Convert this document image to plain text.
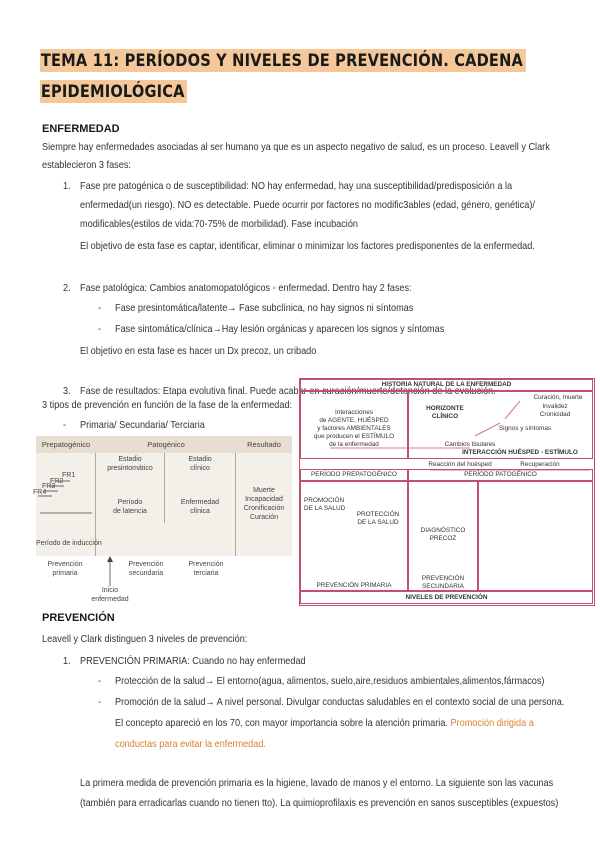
TEMA 11: PERÍODOS Y NIVELES DE PREVENCIÓN. CADENA
EPIDEMIOLÓGICA
ENFERMEDAD
Siempre hay enfermedades asociadas al ser humano ya que es un aspecto negativo de salud, es un proceso. Leavell y Clark
establecieron 3 fases:
1. Fase pre patogénica o de susceptibilidad: NO hay enfermedad, hay una susceptibilidad/predisposición a la
enfermedad(un riesgo). NO es detectable. Puede ocurrir por factores no modific3ables (edad, género, genética)/
modificables(estilos de vida:70-75% de morbilidad). Fase incubación
El objetivo de esta fase es captar, identificar, eliminar o minimizar los factores predisponentes de la enfermedad.
2. Fase patológica: Cambios anatomopatológicos ◦ enfermedad. Dentro hay 2 fases:
- Fase presintomática/latente→ Fase subclínica, no hay signos ni síntomas
- Fase sintomática/clínica→Hay lesión orgánicas y aparecen los signos y síntomas
El objetivo en esta fase es hacer un Dx precoz, un cribado
3. Fase de resultados: Etapa evolutiva final. Puede acabar en curación/muerte/detención de la evolución.
3 tipos de prevención en función de la fase de la enfermedad:
- Primaria/ Secundaria/ Terciaria
Prepatogénico	Patogénico	Resultado
Estadio
presintomático
Estadio
clínico
Período
de latencia
Enfermedad
clínica
Muerte
Incapacidad
Cronificación
Curación
FR1
FR2
FR3
FR4
Período de inducción
Prevención
primaria
Inicio
enfermedad
Prevención
secundaria
Prevención
terciaria
HISTORIA NATURAL DE LA ENFERMEDAD
Interacciones
de AGENTE, HUÉSPED
y factores AMBIENTALES
que producen el ESTÍMULO
de la enfermedad
HORIZONTE
CLÍNICO
Curación, muerte
Invalidez
Cronicidad
Signos y síntomas
Cambios tisulares
INTERACCIÓN HUÉSPED - ESTÍMULO
Reacción del huésped	Recuperación
PERÍODO PREPATOGÉNICO	PERÍODO PATOGÉNICO
PROMOCIÓN
DE LA SALUD
PROTECCIÓN
DE LA SALUD
DIAGNÓSTICO
PRECOZ
PREVENCIÓN PRIMARIA
PREVENCIÓN
SECUNDARIA
NIVELES DE PREVENCIÓN
PREVENCIÓN
Leavell y Clark distinguen 3 niveles de prevención:
1. PREVENCIÓN PRIMARIA: Cuando no hay enfermedad
- Protección de la salud→ El entorno(agua, alimentos, suelo,aire,residuos ambientales,alimentos,fármacos)
- Promoción de la salud→ A nivel personal. Divulgar conductas saludables en el contexto social de una persona.
El concepto apareció en los 70, con mayor importancia sobre la atención primaria. Promoción dirigida a
conductas para evitar la enfermedad.
La primera medida de prevención primaria es la higiene, lavado de manos y el entorno. La siguiente son las vacunas
(también para erradicarlas cuando no tienen tto). La quimioprofilaxis es prevención en sanos susceptibles (expuestos)
